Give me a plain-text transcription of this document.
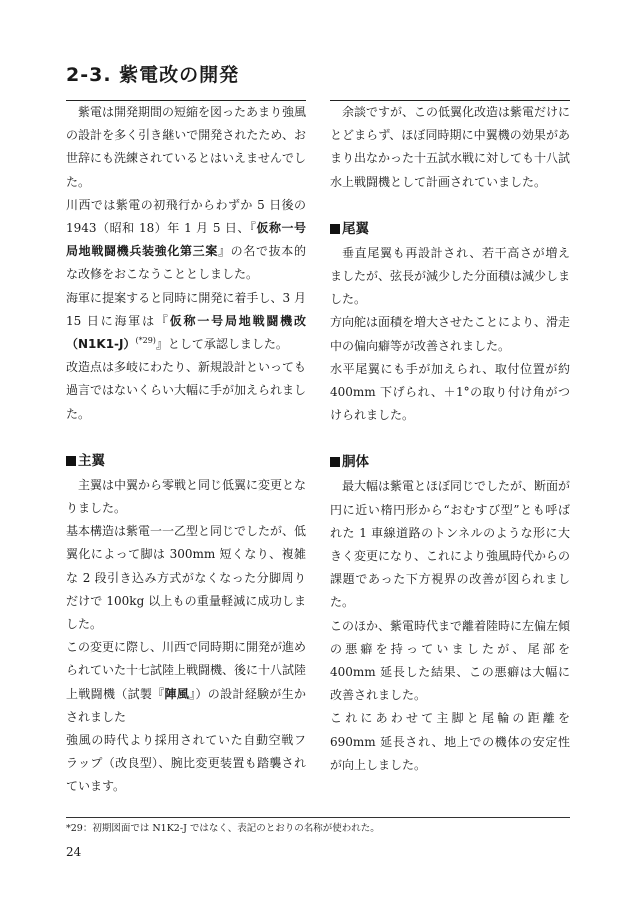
2-3. 紫電改の開発

紫電は開発期間の短縮を図ったあまり強風の設計を多く引き継いで開発されたため、お世辞にも洗練されているとはいえませんでした。

川西では紫電の初飛行からわずか 5 日後の 1943（昭和 18）年 1 月 5 日、『仮称一号局地戦闘機兵装強化第三案』の名で抜本的な改修をおこなうこととしました。

海軍に提案すると同時に開発に着手し、3 月 15 日に海軍は『仮称一号局地戦闘機改$(N1K1-J)^{(*29)}$』として承認しました。

改造点は多岐にわたり、新規設計といっても過言ではないくらい大幅に手が加えられました。

主翼

主翼は中翼から零戦と同じ低翼に変更となりました。

基本構造は紫電一一乙型と同じでしたが、低翼化によって脚は 300mm 短くなり、複雑な 2 段引き込み方式がなくなった分脚周りだけで 100kg 以上もの重量軽減に成功しました。

この変更に際し、川西で同時期に開発が進められていた十七試陸上戦闘機、後に十八試陸上戦闘機（試製『陣風』）の設計経験が生かされました

強風の時代より採用されていた自動空戦フラップ（改良型）、腕比変更装置も踏襲されています。

余談ですが、この低翼化改造は紫電だけにとどまらず、ほぼ同時期に中翼機の効果があまり出なかった十五試水戦に対しても十八試水上戦闘機として計画されていました。

尾翼

垂直尾翼も再設計され、若干高さが増えましたが、弦長が減少した分面積は減少しました。

方向舵は面積を増大させたことにより、滑走中の偏向癖等が改善されました。

水平尾翼にも手が加えられ、取付位置が約 400mm 下げられ、＋1°の取り付け角がつけられました。

胴体

最大幅は紫電とほぼ同じでしたが、断面が円に近い楕円形から“おむすび型”とも呼ばれた 1 車線道路のトンネルのような形に大きく変更になり、これにより強風時代からの課題であった下方視界の改善が図られました。

このほか、紫電時代まで離着陸時に左偏左傾の悪癖を持っていましたが、尾部を 400mm 延長した結果、この悪癖は大幅に改善されました。

これにあわせて主脚と尾輪の距離を 690mm 延長され、地上での機体の安定性が向上しました。

*29：初期図面では N1K2-J ではなく、表記のとおりの名称が使われた。
24
